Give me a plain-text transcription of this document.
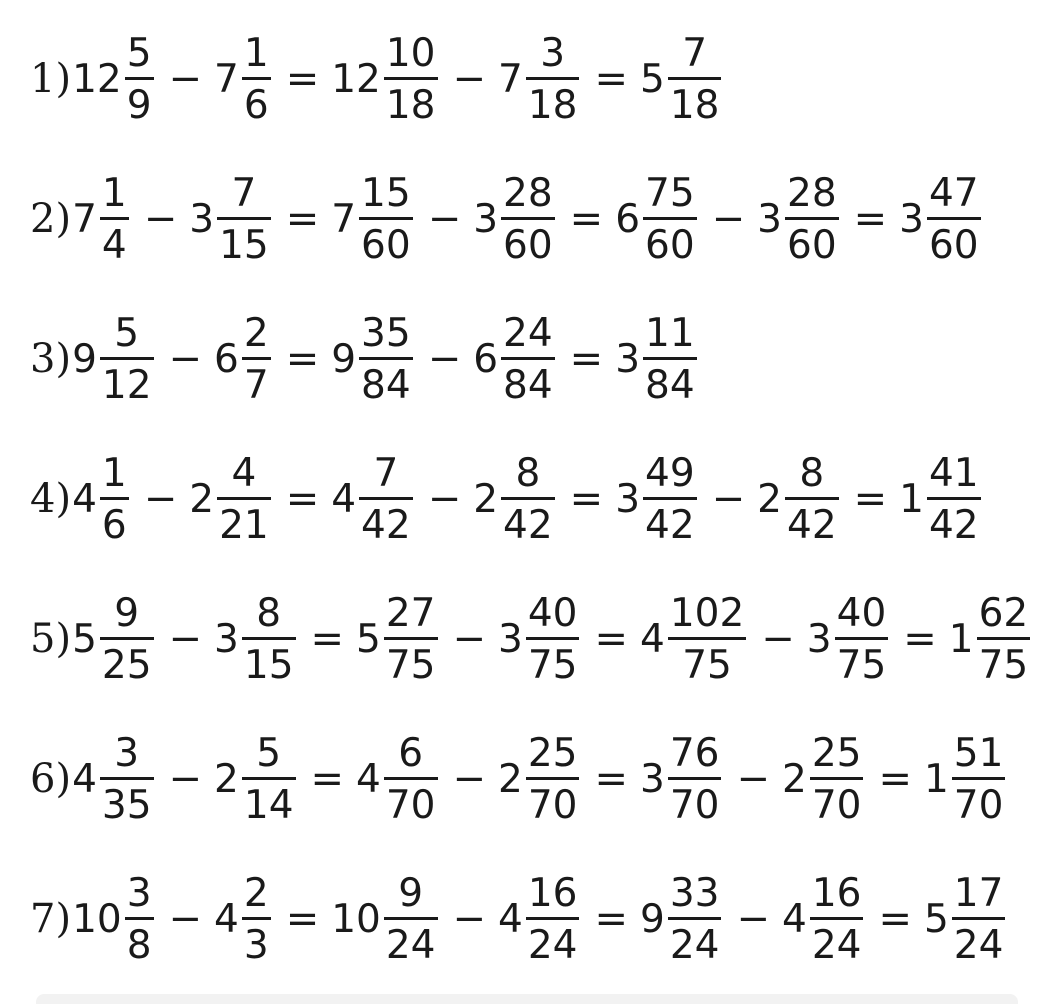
1) $12 \frac{5}{9} - 7 \frac{1}{6} = 12 \frac{10}{18} - 7 \frac{3}{18} = 5 \frac{7}{18}$
2) $7 \frac{1}{4} - 3 \frac{7}{15} = 7 \frac{15}{60} - 3 \frac{28}{60} = 6 \frac{75}{60} - 3 \frac{28}{60} = 3 \frac{47}{60}$
3) $9 \frac{5}{12} - 6 \frac{2}{7} = 9 \frac{35}{84} - 6 \frac{24}{84} = 3 \frac{11}{84}$
4) $4 \frac{1}{6} - 2 \frac{4}{21} = 4 \frac{7}{42} - 2 \frac{8}{42} = 3 \frac{49}{42} - 2 \frac{8}{42} = 1 \frac{41}{42}$
5) $5 \frac{9}{25} - 3 \frac{8}{15} = 5 \frac{27}{75} - 3 \frac{40}{75} = 4 \frac{102}{75} - 3 \frac{40}{75} = 1 \frac{62}{75}$
6) $4 \frac{3}{35} - 2 \frac{5}{14} = 4 \frac{6}{70} - 2 \frac{25}{70} = 3 \frac{76}{70} - 2 \frac{25}{70} = 1 \frac{51}{70}$
7) $10 \frac{3}{8} - 4 \frac{2}{3} = 10 \frac{9}{24} - 4 \frac{16}{24} = 9 \frac{33}{24} - 4 \frac{16}{24} = 5 \frac{17}{24}$
